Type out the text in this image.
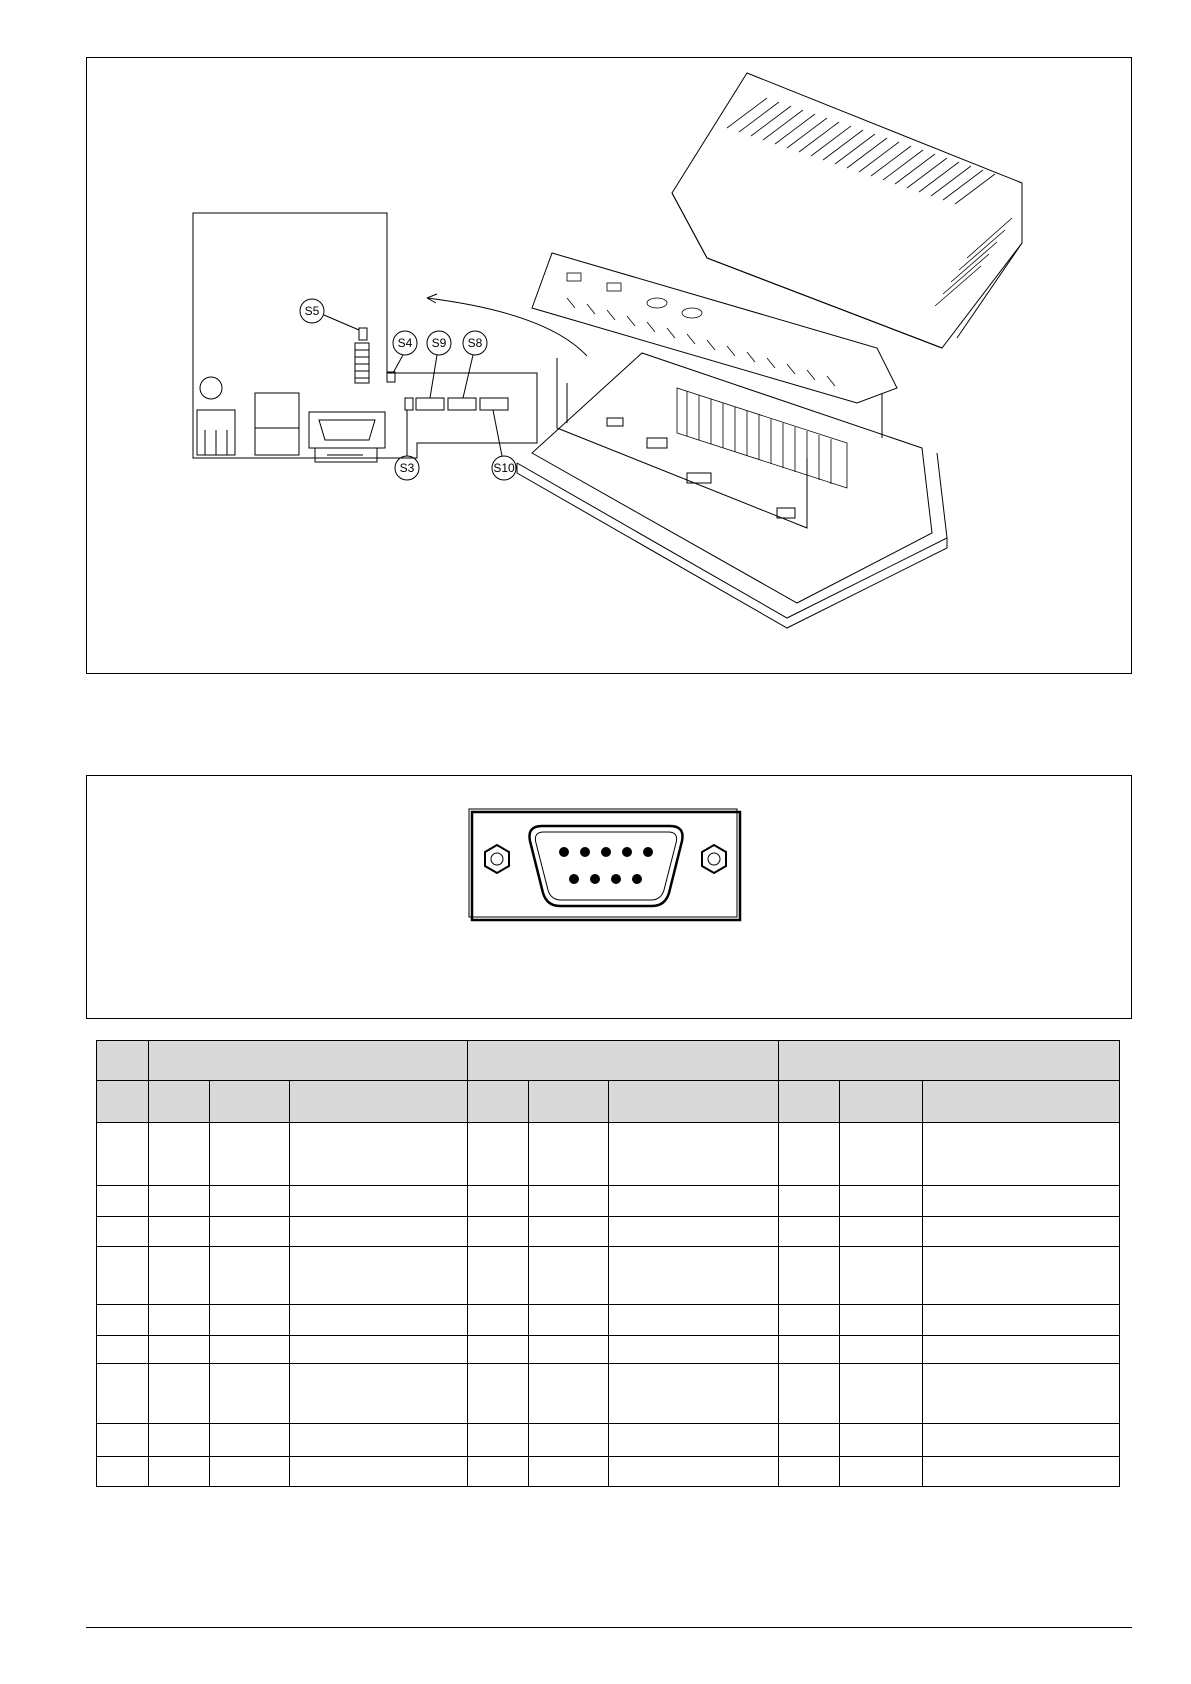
S5
S4 S9 S8
S3	S10
